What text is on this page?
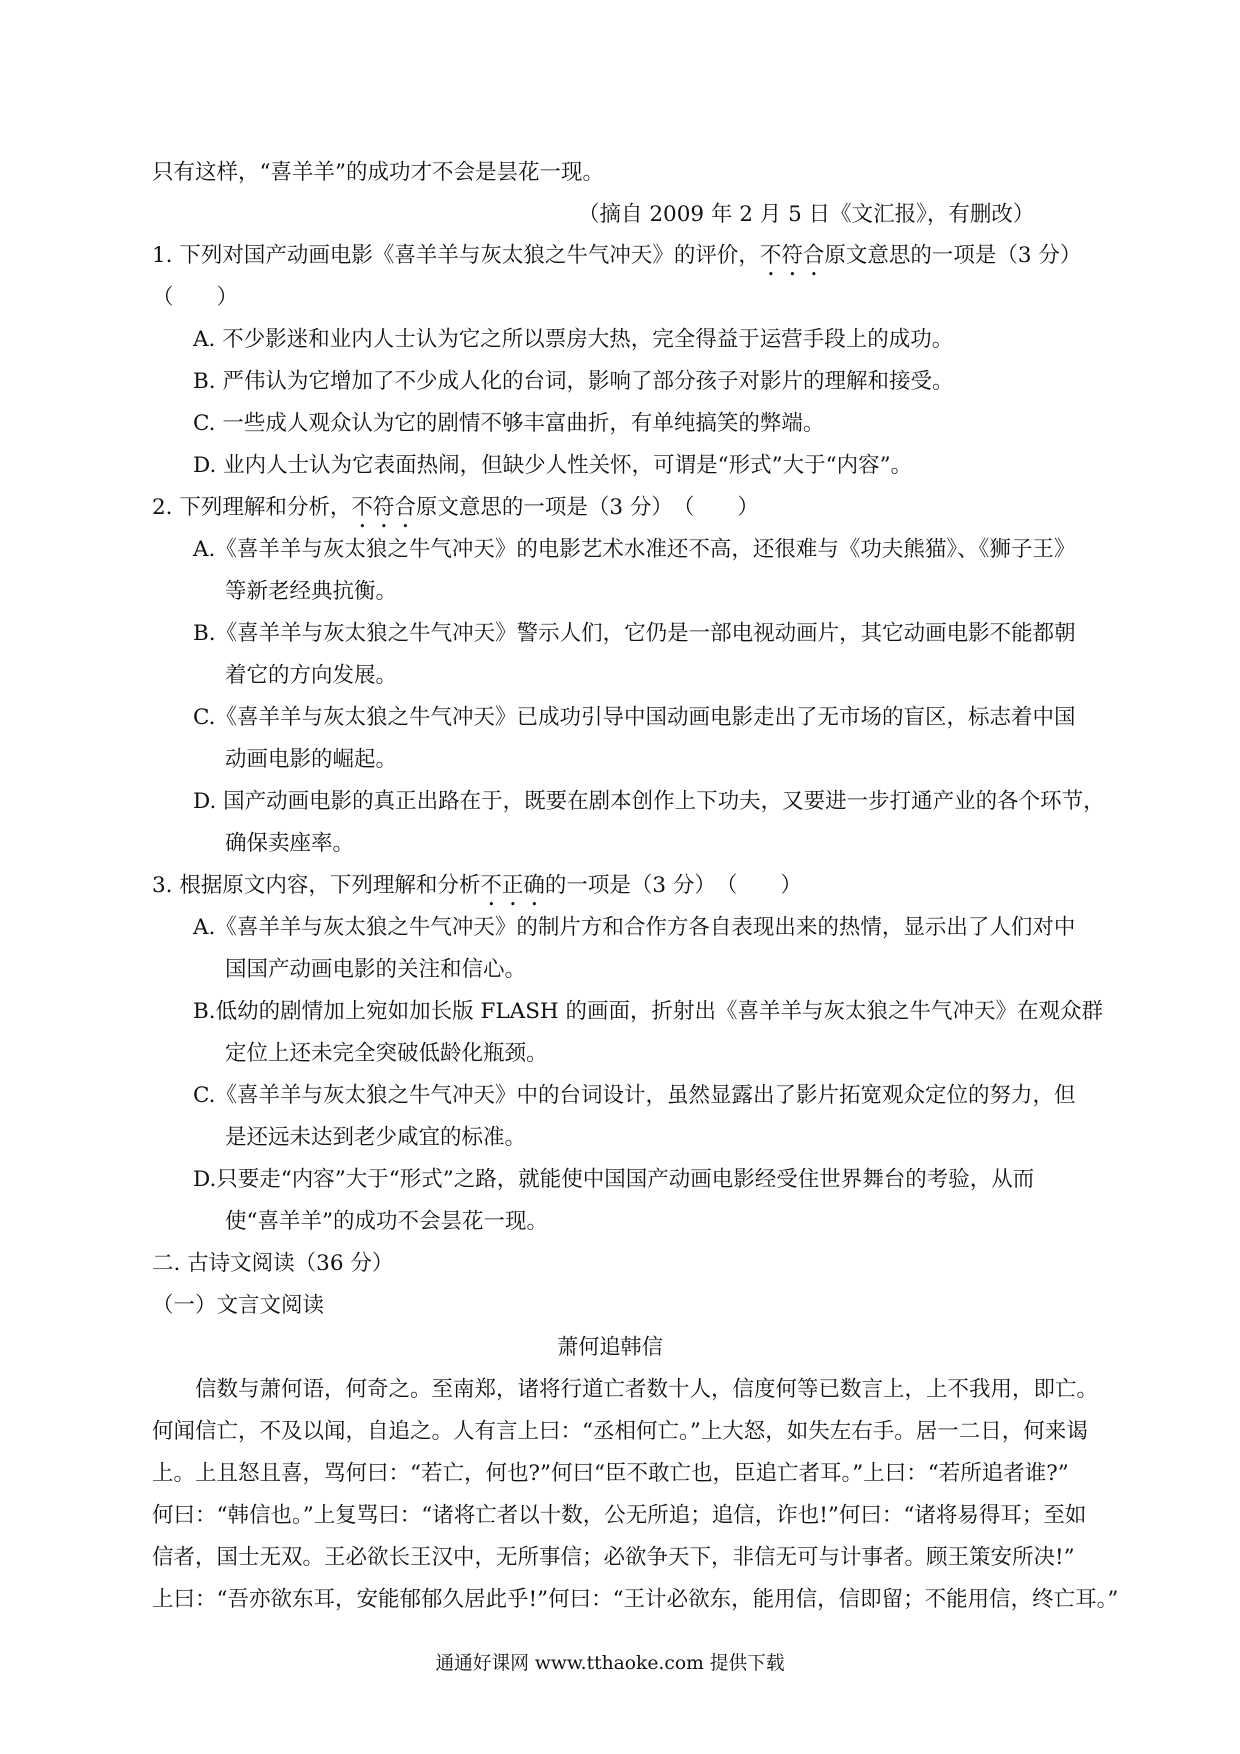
只有这样，“喜羊羊”的成功才不会是昙花一现。
（摘自 2009 年 2 月 5 日《文汇报》，有删改）
1. 下列对国产动画电影《喜羊羊与灰太狼之牛气冲天》的评价，不符合原文意思的一项是（3 分）
（　　）
A. 不少影迷和业内人士认为它之所以票房大热，完全得益于运营手段上的成功。
B. 严伟认为它增加了不少成人化的台词，影响了部分孩子对影片的理解和接受。
C. 一些成人观众认为它的剧情不够丰富曲折，有单纯搞笑的弊端。
D. 业内人士认为它表面热闹，但缺少人性关怀，可谓是“形式”大于“内容”。
2. 下列理解和分析，不符合原文意思的一项是（3 分）　（　　）
A.《喜羊羊与灰太狼之牛气冲天》的电影艺术水准还不高，还很难与《功夫熊猫》、《狮子王》
等新老经典抗衡。
B.《喜羊羊与灰太狼之牛气冲天》警示人们，它仍是一部电视动画片，其它动画电影不能都朝
着它的方向发展。
C.《喜羊羊与灰太狼之牛气冲天》已成功引导中国动画电影走出了无市场的盲区，标志着中国
动画电影的崛起。
D. 国产动画电影的真正出路在于，既要在剧本创作上下功夫，又要进一步打通产业的各个环节，
确保卖座率。
3. 根据原文内容，下列理解和分析不正确的一项是（3 分）　（　　）
A.《喜羊羊与灰太狼之牛气冲天》的制片方和合作方各自表现出来的热情，显示出了人们对中
国国产动画电影的关注和信心。
B.低幼的剧情加上宛如加长版 FLASH 的画面，折射出《喜羊羊与灰太狼之牛气冲天》在观众群
定位上还未完全突破低龄化瓶颈。
C.《喜羊羊与灰太狼之牛气冲天》中的台词设计，虽然显露出了影片拓宽观众定位的努力，但
是还远未达到老少咸宜的标准。
D.只要走“内容”大于“形式”之路，就能使中国国产动画电影经受住世界舞台的考验，从而
使“喜羊羊”的成功不会昙花一现。
二. 古诗文阅读（36 分）
（一）文言文阅读
萧何追韩信
　　信数与萧何语，何奇之。至南郑，诸将行道亡者数十人，信度何等已数言上，上不我用，即亡。
何闻信亡，不及以闻，自追之。人有言上曰：“丞相何亡。”上大怒，如失左右手。居一二日，何来谒
上。上且怒且喜，骂何曰：“若亡，何也?”何曰“臣不敢亡也，臣追亡者耳。”上曰：“若所追者谁?”
何曰：“韩信也。”上复骂曰：“诸将亡者以十数，公无所追；追信，诈也!”何曰：“诸将易得耳；至如
信者，国士无双。王必欲长王汉中，无所事信；必欲争天下，非信无可与计事者。顾王策安所决!”
上曰：“吾亦欲东耳，安能郁郁久居此乎!”何曰：“王计必欲东，能用信，信即留；不能用信，终亡耳。”
通通好课网 www.tthaoke.com 提供下载
